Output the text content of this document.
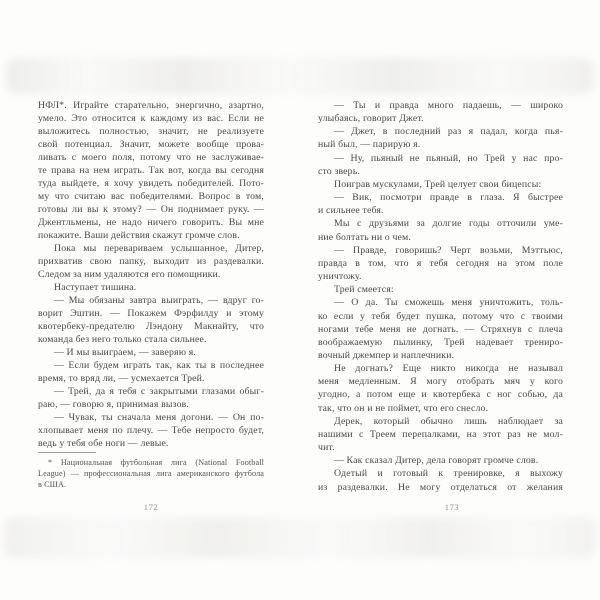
НФЛ*. Играйте старательно, энергично, азартно,
умело. Это относится к каждому из вас. Если не
выложитесь полностью, значит, не реализуете
свой потенциал. Значит, можете вообще прова-
ливать с моего поля, потому что не заслуживае-
те права на нем играть. Так вот, когда вы сегодня
туда выйдете, я хочу увидеть победителей. Пото-
му что считаю вас победителями. Вопрос в том,
готовы ли вы к этому? — Он поднимает руку. —
Джентльмены, не надо ничего говорить. Вы мне
покажите. Ваши действия скажут громче слов.
Пока мы перевариваем услышанное, Дитер,
прихватив свою папку, выходит из раздевалки.
Следом за ним удаляются его помощники.
Наступает тишина.
— Мы обязаны завтра выиграть, — вдруг го-
ворит Эштин. — Покажем Фэрфилду и этому
квотербеку-предателю Лэндону Макнайту, что
команда без него только стала сильнее.
— И мы выиграем, — заверяю я.
— Если будем играть так, как ты в последнее
время, то вряд ли, — усмехается Трей.
— Трей, да я тебя с закрытыми глазами обыг-
раю, — говорю я, принимая вызов.
— Чувак, ты сначала меня догони. — Он по-
хлопывает меня по плечу. — Тебе непросто будет,
ведь у тебя обе ноги — левые.
* Национальная футбольная лига (National Football
League) — профессиональная лига американского футбола
в США.
172
— Ты и правда много падаешь, — широко
улыбаясь, говорит Джет.
— Джет, в последний раз я падал, когда пья-
ный был, — парирую я.
— Ну, пьяный не пьяный, но Трей у нас про-
сто зверь.
Поиграв мускулами, Трей целует свои бицепсы:
— Вик, посмотри правде в глаза. Я быстрее
и сильнее тебя.
Мы с друзьями за долгие годы отточили уме-
ние болтать ни о чем.
— Правде, говоришь? Черт возьми, Мэттьюс,
правда в том, что я тебя сегодня на этом поле
уничтожу.
Трей смеется:
— О да. Ты сможешь меня уничтожить, толь-
ко если у тебя будет пушка, потому что с твоими
ногами тебе меня не догнать. — Стряхнув с плеча
воображаемую пылинку, Трей надевает трениро-
вочный джемпер и наплечники.
Не догнать? Еще никто никогда не называл
меня медленным. Я могу отобрать мяч у кого
угодно, а потом еще и квотербека с ног собью, да
так, что он и не поймет, что его снесло.
Дерек, который обычно лишь наблюдает за
нашими с Треем перепалками, на этот раз не мол-
чит.
— Как сказал Дитер, дела говорят громче слов.
Одетый и готовый к тренировке, я выхожу
из раздевалки. Не могу отделаться от желания
173
